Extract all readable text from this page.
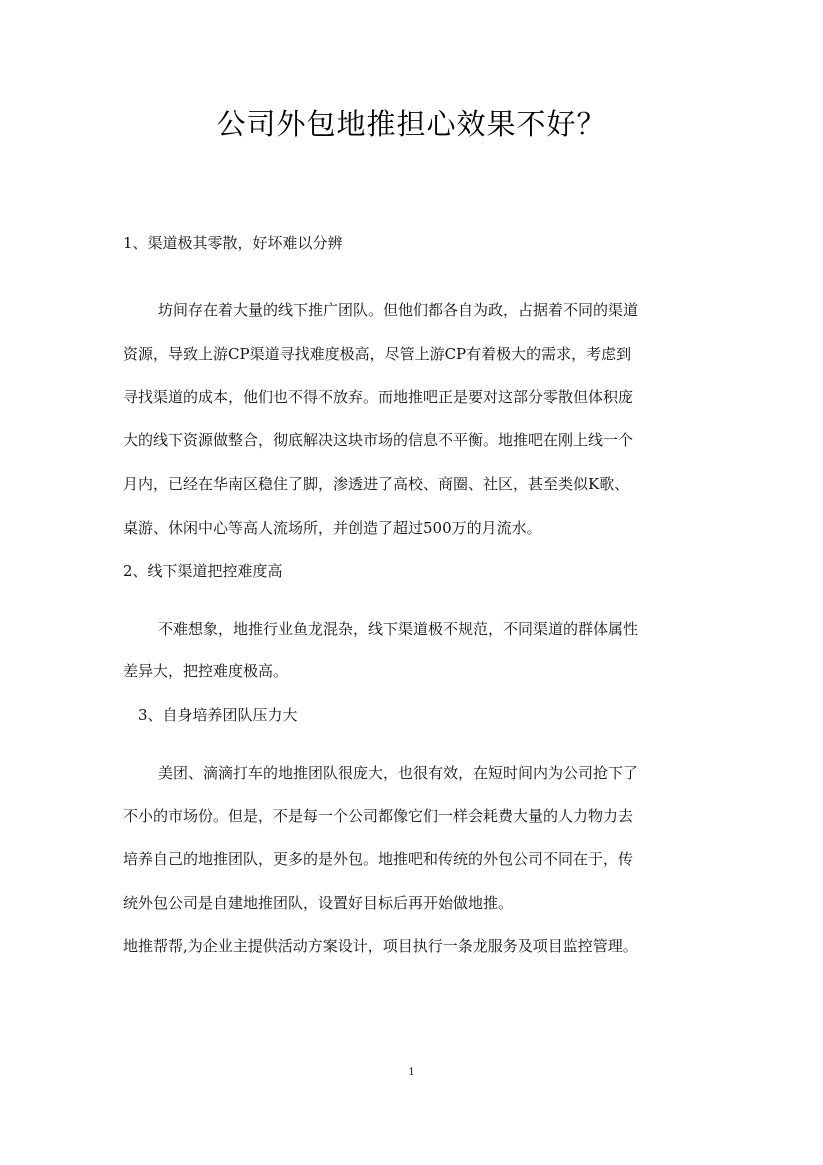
公司外包地推担心效果不好？
1、渠道极其零散，好坏难以分辨
坊间存在着大量的线下推广团队。但他们都各自为政，占据着不同的渠道
资源，导致上游CP渠道寻找难度极高，尽管上游CP有着极大的需求，考虑到
寻找渠道的成本，他们也不得不放弃。而地推吧正是要对这部分零散但体积庞
大的线下资源做整合，彻底解决这块市场的信息不平衡。地推吧在刚上线一个
月内，已经在华南区稳住了脚，渗透进了高校、商圈、社区，甚至类似K歌、
桌游、休闲中心等高人流场所，并创造了超过500万的月流水。
2、线下渠道把控难度高
不难想象，地推行业鱼龙混杂，线下渠道极不规范，不同渠道的群体属性
差异大，把控难度极高。
3、自身培养团队压力大
美团、滴滴打车的地推团队很庞大，也很有效，在短时间内为公司抢下了
不小的市场份。但是，不是每一个公司都像它们一样会耗费大量的人力物力去
培养自己的地推团队，更多的是外包。地推吧和传统的外包公司不同在于，传
统外包公司是自建地推团队，设置好目标后再开始做地推。
地推帮帮,为企业主提供活动方案设计，项目执行一条龙服务及项目监控管理。
1
